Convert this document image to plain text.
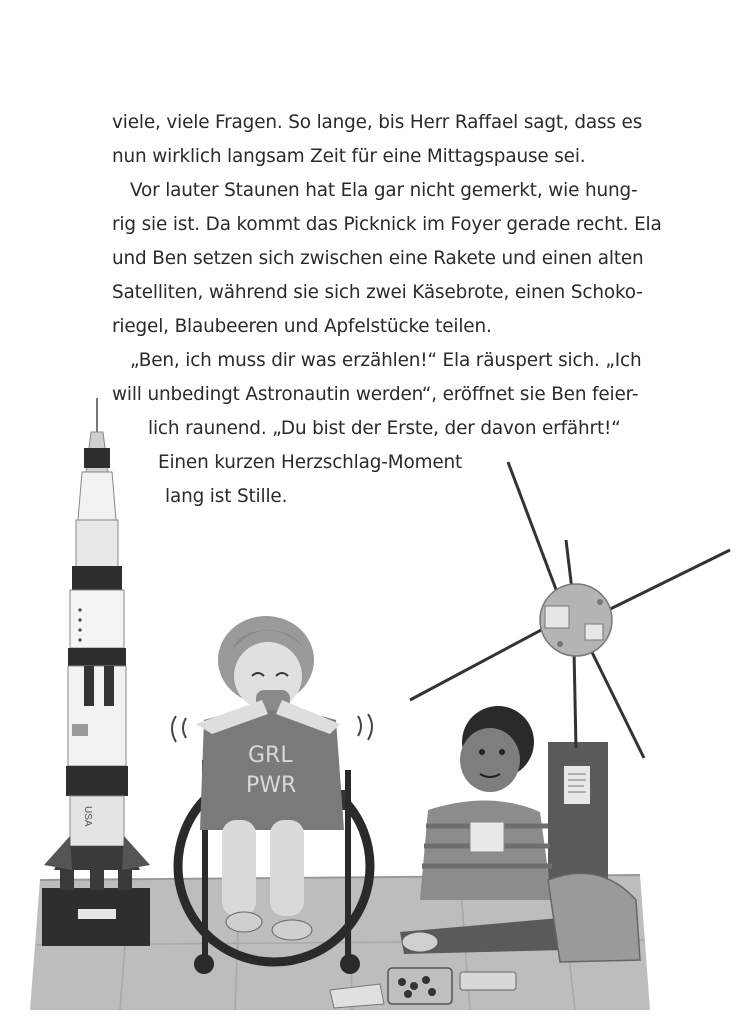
USA
GRL
PWR
viele, viele Fragen. So lange, bis Herr Raffael sagt, dass es
nun wirklich langsam Zeit für eine Mittagspause sei.
Vor lauter Staunen hat Ela gar nicht gemerkt, wie hung-
rig sie ist. Da kommt das Picknick im Foyer gerade recht. Ela
und Ben setzen sich zwischen eine Rakete und einen alten
Satelliten, während sie sich zwei Käsebrote, einen Schoko-
riegel, Blaubeeren und Apfelstücke teilen.
„Ben, ich muss dir was erzählen!“ Ela räuspert sich. „Ich
will unbedingt Astronautin werden“, eröffnet sie Ben feier-
lich raunend. „Du bist der Erste, der davon erfährt!“
Einen kurzen Herzschlag-Moment
lang ist Stille.
